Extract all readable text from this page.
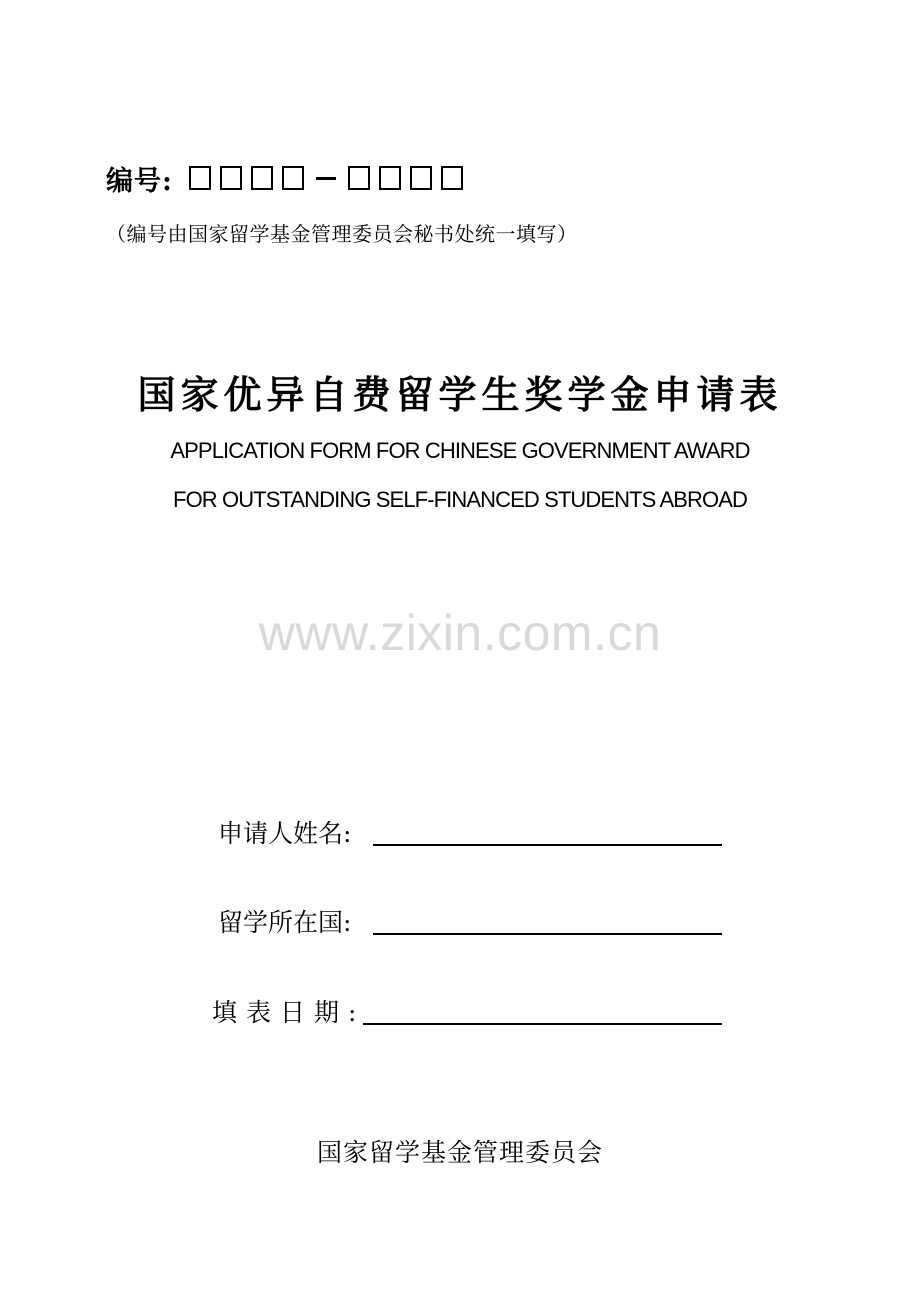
编号:
（编号由国家留学基金管理委员会秘书处统一填写）
国家优异自费留学生奖学金申请表
APPLICATION FORM FOR CHINESE GOVERNMENT AWARD
FOR OUTSTANDING SELF-FINANCED STUDENTS ABROAD
www.zixin.com.cn
申请人姓名:
留学所在国:
填表日期:
国家留学基金管理委员会
